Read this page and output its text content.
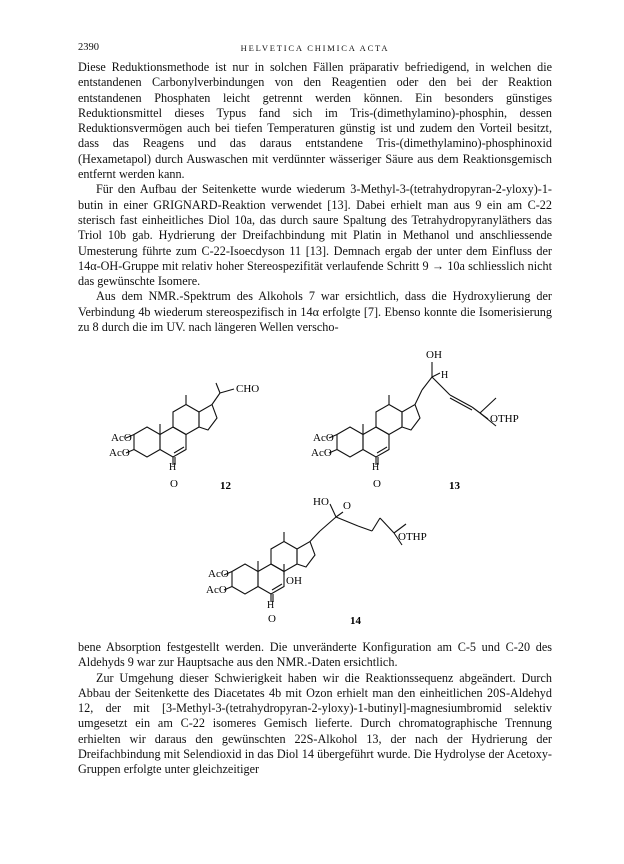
2390	HELVETICA CHIMICA ACTA

Diese Reduktionsmethode ist nur in solchen Fällen präparativ befriedigend, in welchen die entstandenen Carbonylverbindungen von den Reagentien oder den bei der Reaktion entstandenen Phosphaten leicht getrennt werden können. Ein besonders günstiges Reduktionsmittel dieses Typus fand sich im Tris-(dimethylamino)-phosphin, dessen Reduktionsvermögen auch bei tiefen Temperaturen günstig ist und zudem den Vorteil besitzt, dass das Reagens und das daraus entstandene Tris-(dimethylamino)-phosphinoxid (Hexametapol) durch Auswaschen mit verdünnter wässeriger Säure aus dem Reaktionsgemisch entfernt werden kann.

Für den Aufbau der Seitenkette wurde wiederum 3-Methyl-3-(tetrahydropyran-2-yloxy)-1-butin in einer GRIGNARD-Reaktion verwendet [13]. Dabei erhielt man aus 9 ein am C-22 sterisch fast einheitliches Diol 10a, das durch saure Spaltung des Tetrahydropyranyläthers das Triol 10b gab. Hydrierung der Dreifachbindung mit Platin in Methanol und anschliessende Umesterung führte zum C-22-Isoecdyson 11 [13]. Demnach ergab der unter dem Einfluss der 14α-OH-Gruppe mit relativ hoher Stereospezifität verlaufende Schritt 9 → 10a schliesslich nicht das gewünschte Isomere.

Aus dem NMR.-Spektrum des Alkohols 7 war ersichtlich, dass die Hydroxylierung der Verbindung 4b wiederum stereospezifisch in 14α erfolgte [7]. Ebenso konnte die Isomerisierung zu 8 durch die im UV. nach längeren Wellen verscho-

CHO
AcO
AcO
H
O	12
OH
H
OTHP
AcO
AcO
H
O	13
HO O
OTHP
OH
AcO
AcO
H
O	14

bene Absorption festgestellt werden. Die unveränderte Konfiguration am C-5 und C-20 des Aldehyds 9 war zur Hauptsache aus den NMR.-Daten ersichtlich.

Zur Umgehung dieser Schwierigkeit haben wir die Reaktionssequenz abgeändert. Durch Abbau der Seitenkette des Diacetates 4b mit Ozon erhielt man den einheitlichen 20S-Aldehyd 12, der mit [3-Methyl-3-(tetrahydropyran-2-yloxy)-1-butinyl]-magnesiumbromid selektiv umgesetzt ein am C-22 isomeres Gemisch lieferte. Durch chromatographische Trennung erhielten wir daraus den gewünschten 22S-Alkohol 13, der nach der Hydrierung der Dreifachbindung mit Selendioxid in das Diol 14 übergeführt wurde. Die Hydrolyse der Acetoxy-Gruppen erfolgte unter gleichzeitiger
